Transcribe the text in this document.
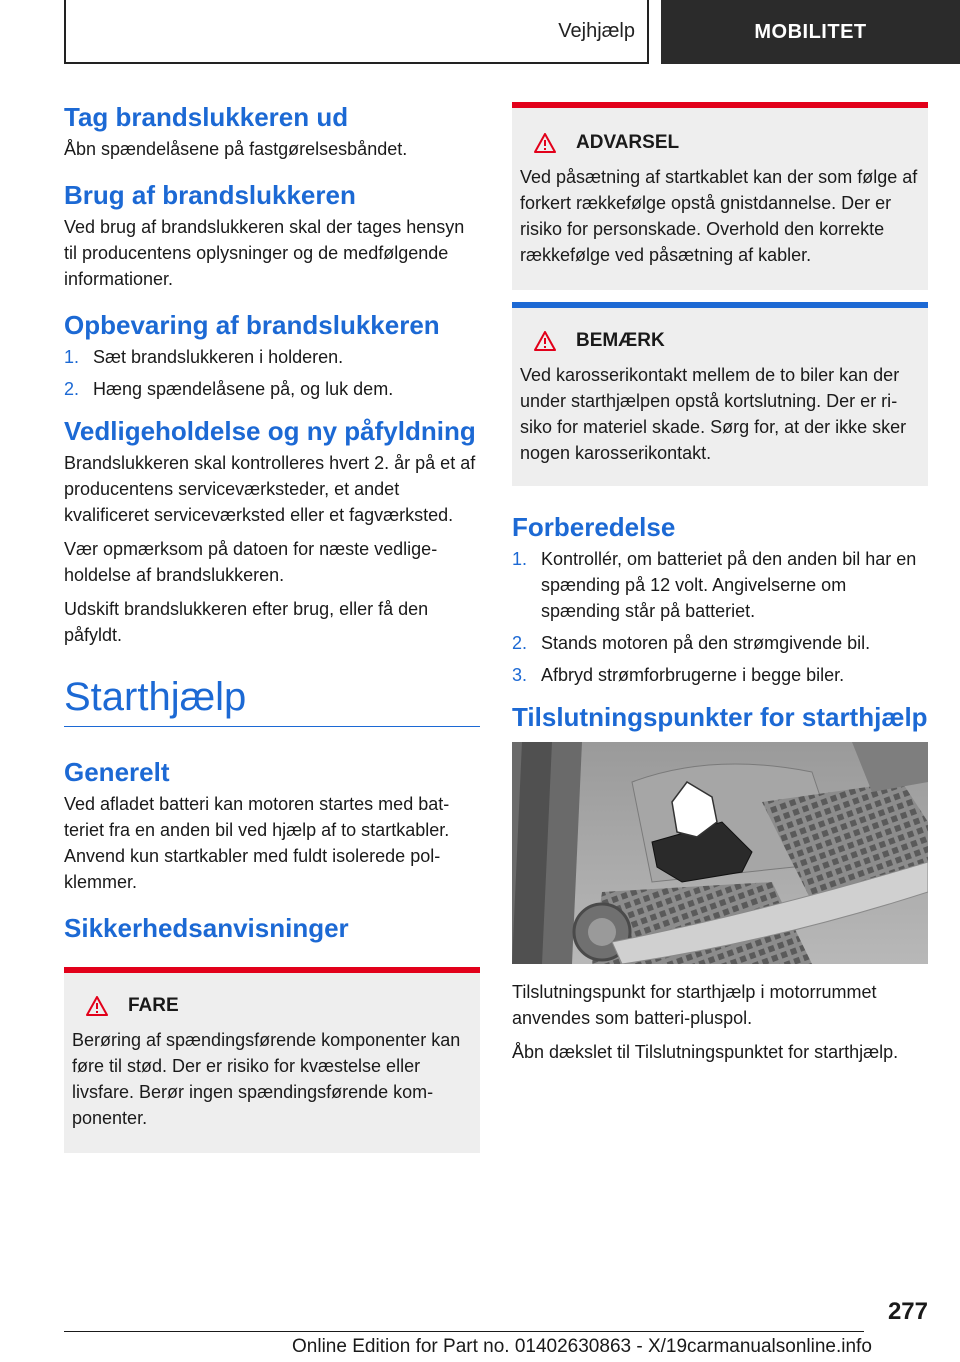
Vejhjælp	MOBILITET
Tag brandslukkeren ud

Åbn spændelåsene på fastgørelsesbåndet.

Brug af brandslukkeren

Ved brug af brandslukkeren skal der tages hensyn til producentens oplysninger og de medfølgende informationer.

Opbevaring af brandslukkeren
1. Sæt brandslukkeren i holderen.
2. Hæng spændelåsene på, og luk dem.
Vedligeholdelse og ny påfyldning

Brandslukkeren skal kontrolleres hvert 2. år på et af producentens serviceværksteder, et andet kvalificeret serviceværksted eller et fagværksted.

Vær opmærksom på datoen for næste vedligeholdelse af brandslukkeren.

Udskift brandslukkeren efter brug, eller få den påfyldt.

Starthjælp
Generelt

Ved afladet batteri kan motoren startes med batteriet fra en anden bil ved hjælp af to startkabler. Anvend kun startkabler med fuldt isolerede polklemmer.

Sikkerhedsanvisninger
FARE

Berøring af spændingsførende komponenter kan føre til stød. Der er risiko for kvæstelse eller livsfare. Berør ingen spændingsførende komponenter.

ADVARSEL

Ved påsætning af startkablet kan der som følge af forkert rækkefølge opstå gnistdannelse. Der er risiko for personskade. Overhold den korrekte rækkefølge ved påsætning af kabler.

BEMÆRK

Ved karosserikontakt mellem de to biler kan der under starthjælpen opstå kortslutning. Der er risiko for materiel skade. Sørg for, at der ikke sker nogen karosserikontakt.

Forberedelse
1. Kontrollér, om batteriet på den anden bil har en spænding på 12 volt. Angivelserne om spænding står på batteriet.
2. Stands motoren på den strømgivende bil.
3. Afbryd strømforbrugerne i begge biler.
Tilslutningspunkter for starthjælp

Tilslutningspunkt for starthjælp i motorrummet anvendes som batteri-pluspol.

Åbn dækslet til Tilslutningspunktet for starthjælp.

277
Online Edition for Part no. 01402630863 - X/19carmanualsonline.info
